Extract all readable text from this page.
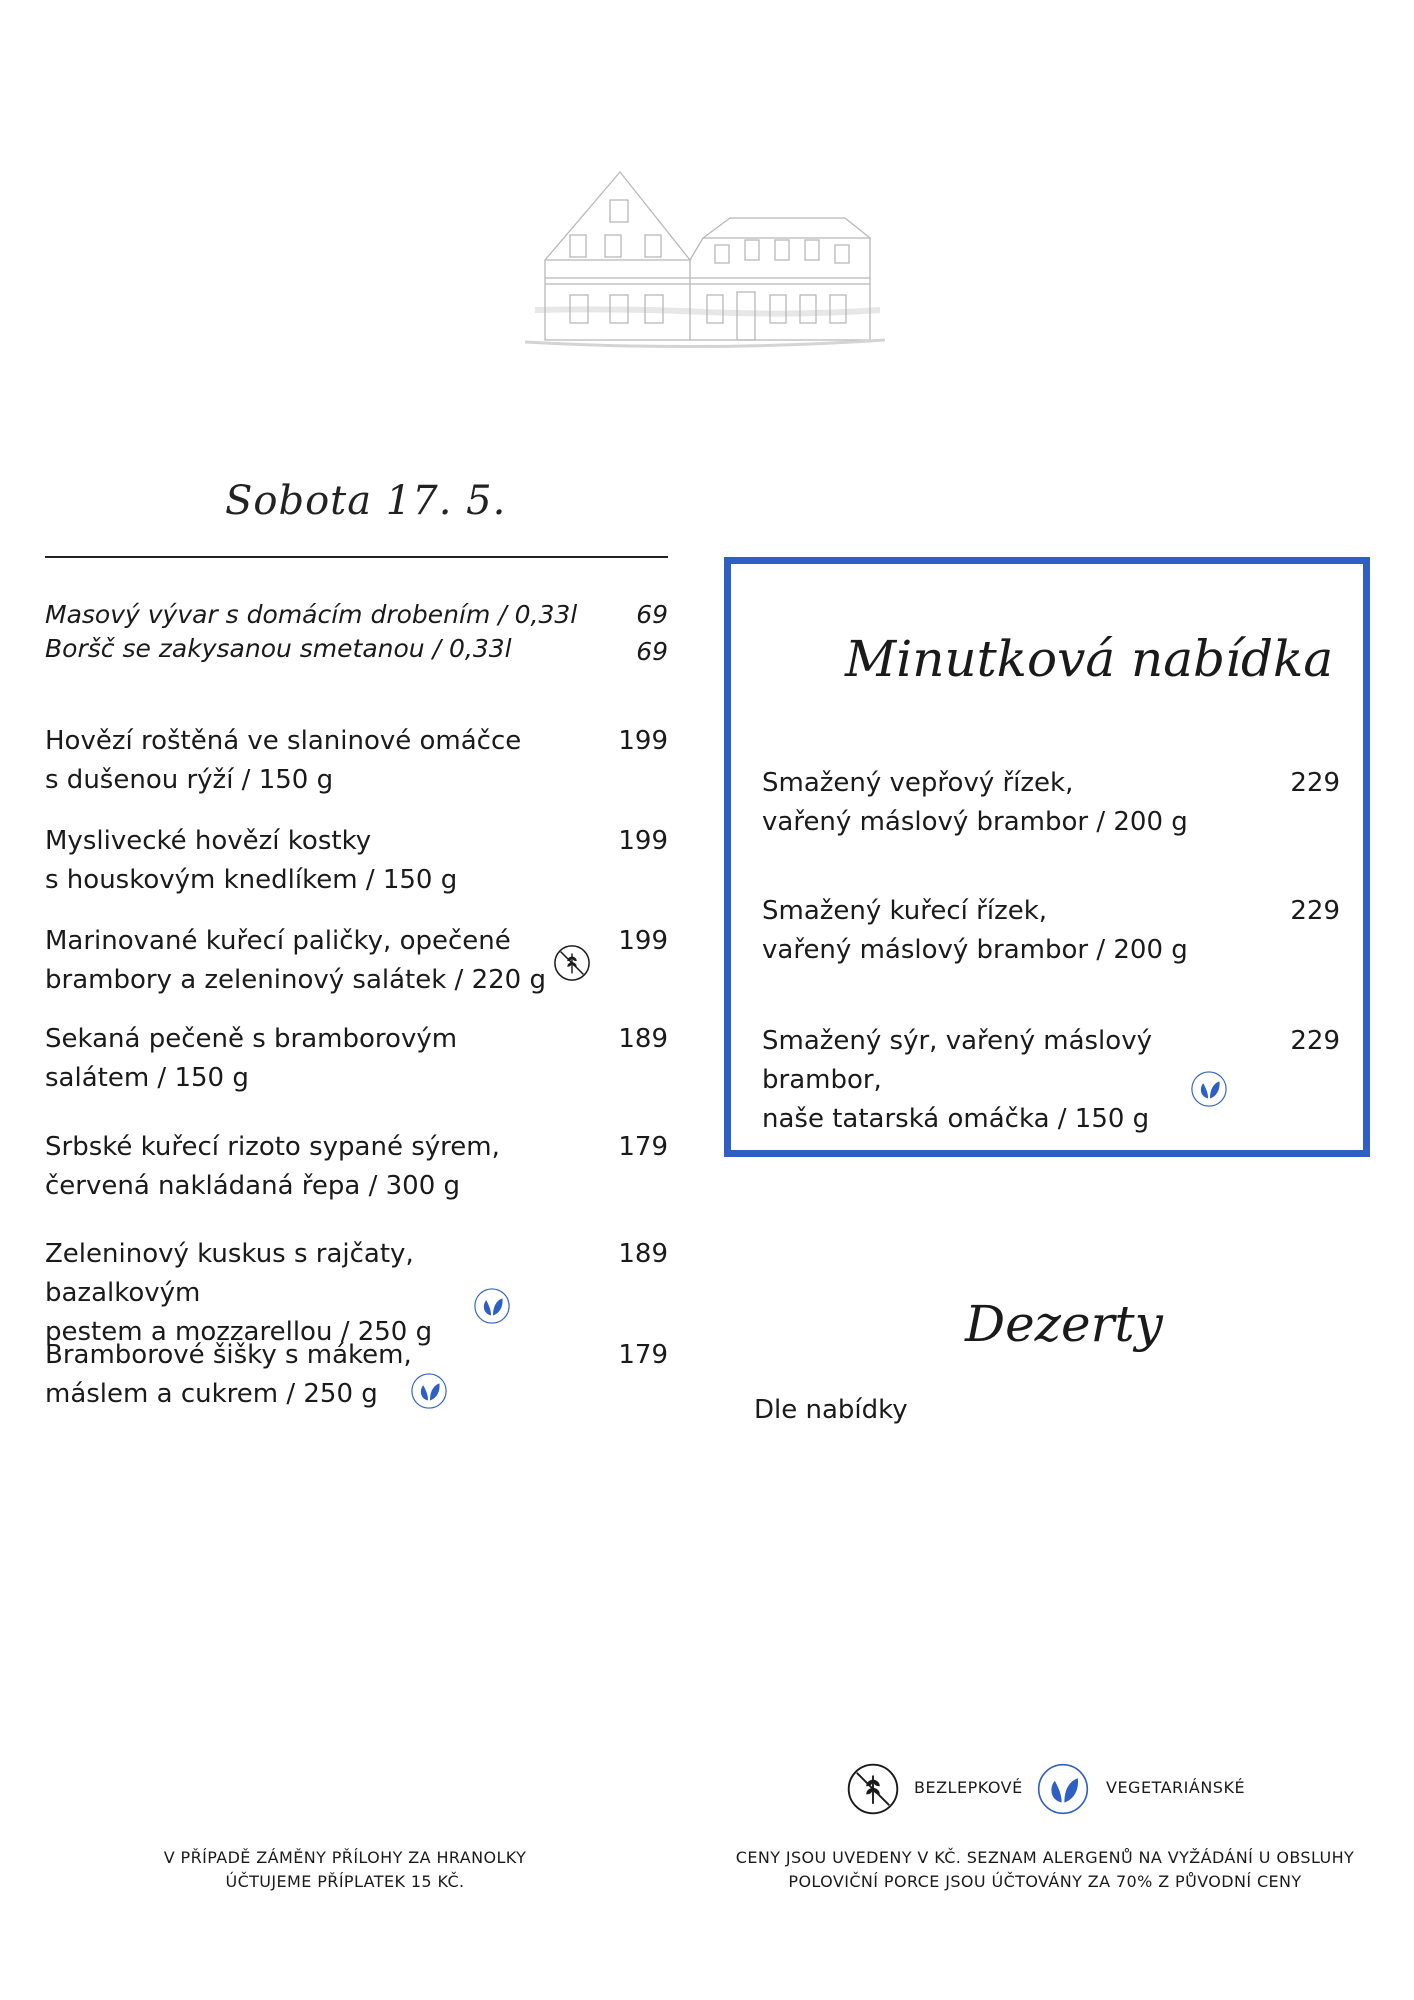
Sobota 17. 5.
Masový vývar s domácím drobením / 0,33l 69
Boršč se zakysanou smetanou / 0,33l	69
Hovězí roštěná ve slaninové omáčce
s dušenou rýží / 150 g
199
Myslivecké hovězí kostky
s houskovým knedlíkem / 150 g
199
Marinované kuřecí paličky, opečené
brambory a zeleninový salátek / 220 g
199
Sekaná pečeně s bramborovým
salátem / 150 g
189
Srbské kuřecí rizoto sypané sýrem,
červená nakládaná řepa / 300 g
179
Zeleninový kuskus s rajčaty, bazalkovým
pestem a mozzarellou / 250 g
189
Bramborové šišky s mákem,
máslem a cukrem / 250 g
179
Minutková nabídka
Smažený vepřový řízek,
vařený máslový brambor / 200 g
229
Smažený kuřecí řízek,
vařený máslový brambor / 200 g
229
Smažený sýr, vařený máslový brambor,
naše tatarská omáčka / 150 g
229
Dezerty
Dle nabídky
BEZLEPKOVÉ	VEGETARIÁNSKÉ
V PŘÍPADĚ ZÁMĚNY PŘÍLOHY ZA HRANOLKY
ÚČTUJEME PŘÍPLATEK 15 KČ.
CENY JSOU UVEDENY V KČ. SEZNAM ALERGENŮ NA VYŽÁDÁNÍ U OBSLUHY
POLOVIČNÍ PORCE JSOU ÚČTOVÁNY ZA 70% Z PŮVODNÍ CENY
